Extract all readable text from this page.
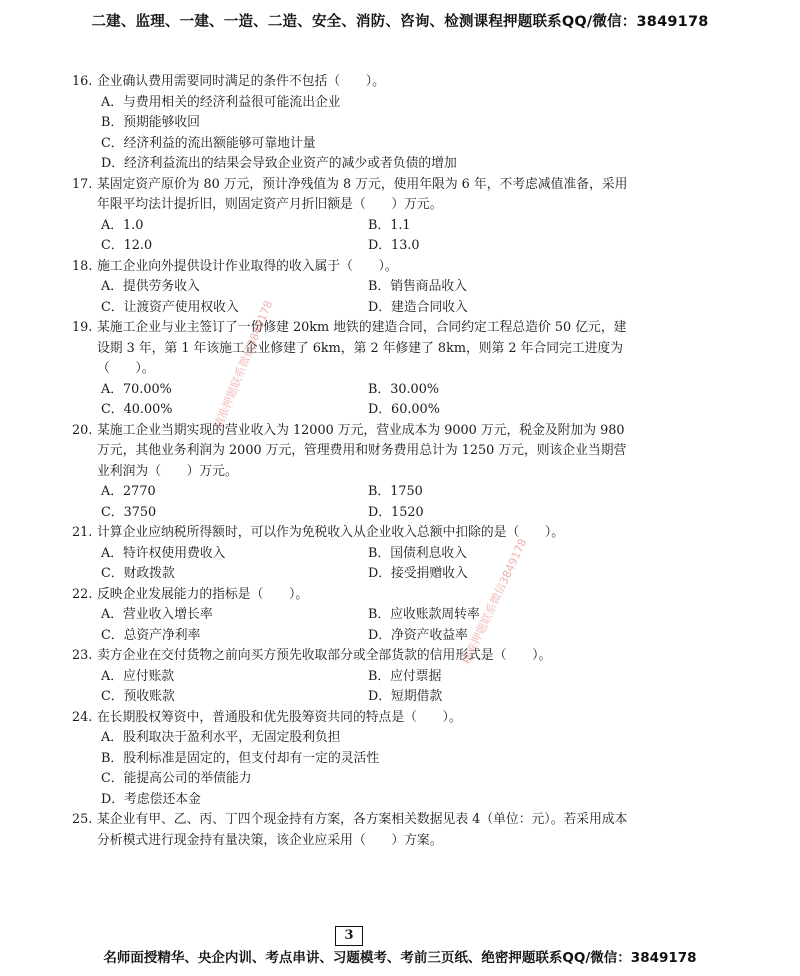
二建、监理、一建、一造、二造、安全、消防、咨询、检测课程押题联系QQ/微信：3849178
16. 企业确认费用需要同时满足的条件不包括（　　）。
A．与费用相关的经济利益很可能流出企业
B．预期能够收回
C．经济利益的流出额能够可靠地计量
D．经济利益流出的结果会导致企业资产的减少或者负债的增加
17. 某固定资产原价为 80 万元，预计净残值为 8 万元，使用年限为 6 年，不考虑减值准备，采用年限平均法计提折旧，则固定资产月折旧额是（　　）万元。
A．1.0	B．1.1
C．12.0	D．13.0
18. 施工企业向外提供设计作业取得的收入属于（　　）。
A．提供劳务收入	B．销售商品收入
C．让渡资产使用权收入	D．建造合同收入
19. 某施工企业与业主签订了一份修建 20km 地铁的建造合同，合同约定工程总造价 50 亿元，建设期 3 年，第 1 年该施工企业修建了 6km，第 2 年修建了 8km，则第 2 年合同完工进度为（　　）。
A．70.00%	B．30.00%
C．40.00%	D．60.00%
20. 某施工企业当期实现的营业收入为 12000 万元，营业成本为 9000 万元，税金及附加为 980 万元，其他业务利润为 2000 万元，管理费用和财务费用总计为 1250 万元，则该企业当期营业利润为（　　）万元。
A．2770	B．1750
C．3750	D．1520
21. 计算企业应纳税所得额时，可以作为免税收入从企业收入总额中扣除的是（　　）。
A．特许权使用费收入	B．国债利息收入
C．财政拨款	D．接受捐赠收入
22. 反映企业发展能力的指标是（　　）。
A．营业收入增长率	B．应收账款周转率
C．总资产净利率	D．净资产收益率
23. 卖方企业在交付货物之前向买方预先收取部分或全部货款的信用形式是（　　）。
A．应付账款	B．应付票据
C．预收账款	D．短期借款
24. 在长期股权筹资中，普通股和优先股筹资共同的特点是（　　）。
A．股利取决于盈利水平，无固定股利负担
B．股利标准是固定的，但支付却有一定的灵活性
C．能提高公司的举债能力
D．考虑偿还本金
25. 某企业有甲、乙、丙、丁四个现金持有方案，各方案相关数据见表 4（单位：元）。若采用成本分析模式进行现金持有量决策，该企业应采用（　　）方案。
精准押题联系微信3849178
精准押题联系微信3849178
3
名师面授精华、央企内训、考点串讲、习题模考、考前三页纸、绝密押题联系QQ/微信：3849178
